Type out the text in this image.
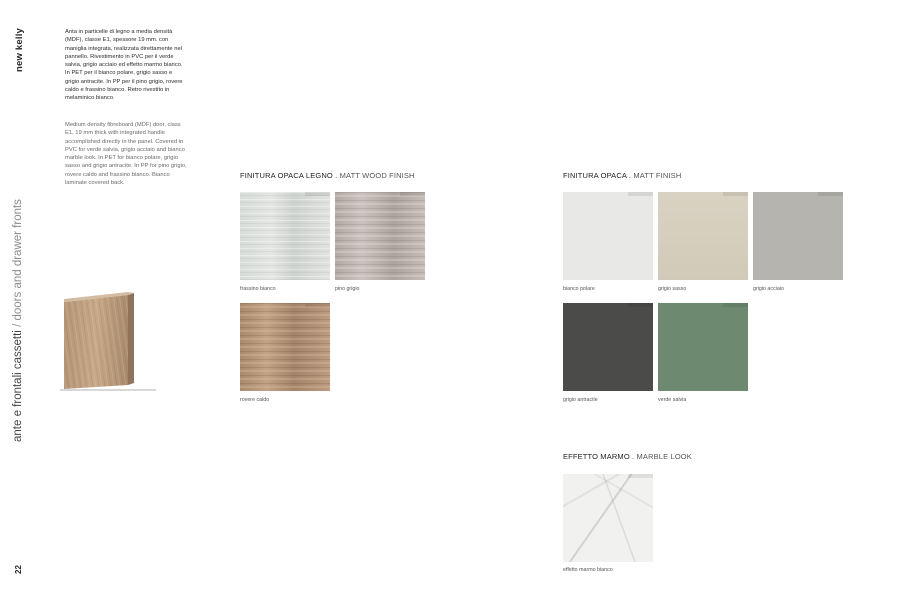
new kelly
ante e frontali cassetti / doors and drawer fronts
22
Anta in particelle di legno a media densità (MDF), classe E1, spessore 19 mm. con maniglia integrata, realizzata direttamente nel pannello. Rivestimento in PVC per il verde salvia, grigio acciaio ed effetto marmo bianco. In PET per il bianco polare, grigio sasso e grigio antracite. In PP per il pino grigio, rovere caldo e frassino bianco. Retro rivestito in melaminico bianco.
Medium density fibreboard (MDF) door, class E1, 19 mm thick with integrated handle accomplished directly in the panel. Covered in PVC for verde salvia, grigio acciaio and bianco marble look. In PET for bianco polare, grigio sasso and grigio antracite. In PP for pino grigio, rovere caldo and frassino bianco. Bianco laminate covered back.
FINITURA OPACA LEGNO . MATT WOOD FINISH
frassino bianco	pino grigio
rovere caldo
FINITURA OPACA . MATT FINISH
bianco polare	grigio sasso	grigio acciaio
grigio antracite	verde salvia
EFFETTO MARMO . MARBLE LOOK
effetto marmo bianco
